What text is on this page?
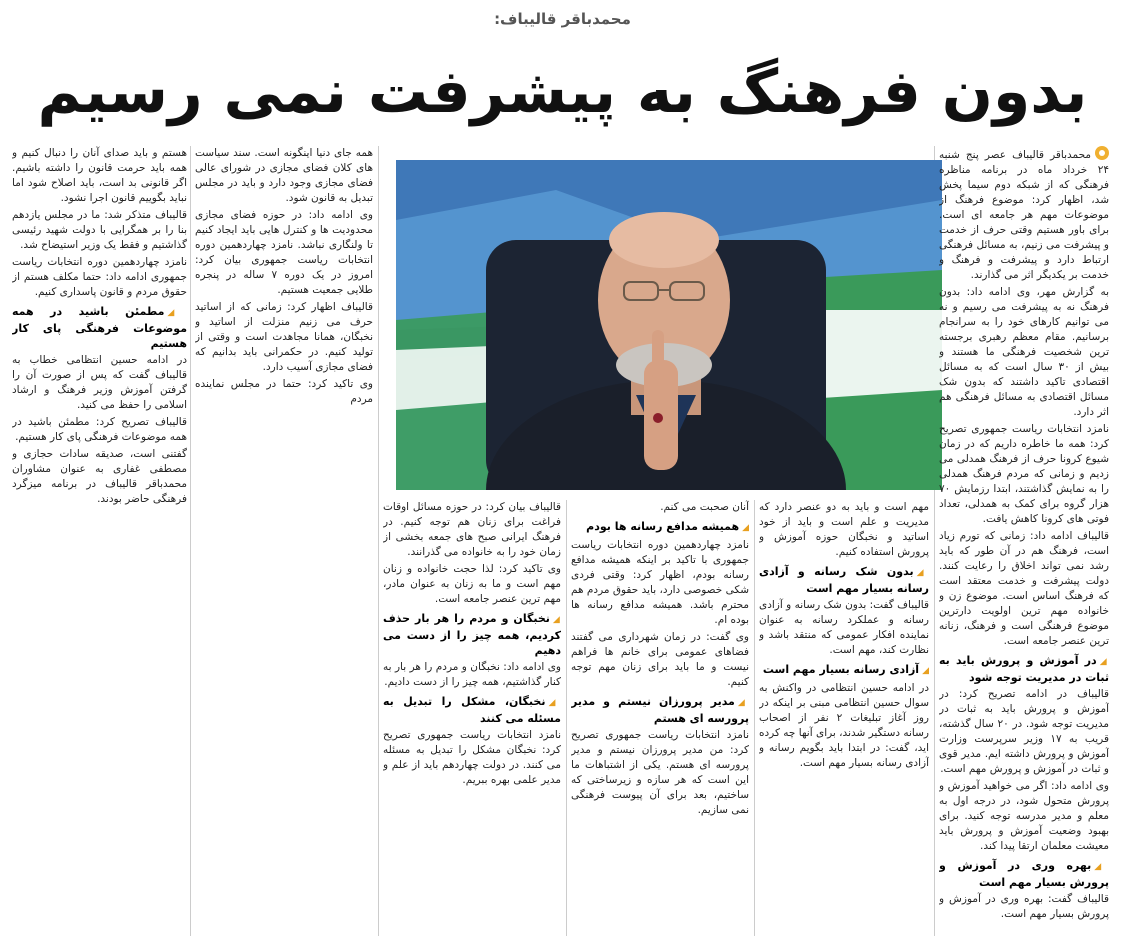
محمدباقر قالیباف:
بدون فرهنگ به پیشرفت نمی رسیم

محمدباقر قالیباف عصر پنج شنبه ۲۴ خرداد ماه در برنامه مناظره فرهنگی که از شبکه دوم سیما پخش شد، اظهار کرد: موضوع فرهنگ از موضوعات مهم هر جامعه ای است. برای باور هستیم وقتی حرف از خدمت و پیشرفت می زنیم، به مسائل فرهنگی ارتباط دارد و پیشرفت و فرهنگ و خدمت بر یکدیگر اثر می گذارند.

به گزارش مهر، وی ادامه داد: بدون فرهنگ نه به پیشرفت می رسیم و نه می توانیم کارهای خود را به سرانجام برسانیم. مقام معظم رهبری برجسته ترین شخصیت فرهنگی ما هستند و بیش از ۳۰ سال است که به مسائل اقتصادی تاکید داشتند که بدون شک مسائل اقتصادی به مسائل فرهنگی هم اثر دارد.

نامزد انتخابات ریاست جمهوری تصریح کرد: همه ما خاطره داریم که در زمان شیوع کرونا حرف از فرهنگ همدلی می زدیم و زمانی که مردم فرهنگ همدلی را به نمایش گذاشتند، ابتدا رزمایش ۷۰ هزار گروه برای کمک به همدلی، تعداد فوتی های کرونا کاهش یافت.

قالیباف ادامه داد: زمانی که تورم زیاد است، فرهنگ هم در آن طور که باید رشد نمی تواند اخلاق را رعایت کنند. دولت پیشرفت و خدمت معتقد است که فرهنگ اساس است. موضوع زن و خانواده مهم ترین اولویت دارترین موضوع فرهنگی است و فرهنگ، زنانه ترین عنصر جامعه است.

◢ در آموزش و پرورش باید به ثبات در مدیریت توجه شود

قالیباف در ادامه تصریح کرد: در آموزش و پرورش باید به ثبات در مدیریت توجه شود. در ۲۰ سال گذشته، قریب به ۱۷ وزیر سرپرست وزارت آموزش و پرورش داشته ایم. مدیر قوی و ثبات در آموزش و پرورش مهم است.

وی ادامه داد: اگر می خواهید آموزش و پرورش متحول شود، در درجه اول به معلم و مدیر مدرسه توجه کنید. برای بهبود وضعیت آموزش و پرورش باید معیشت معلمان ارتقا پیدا کند.

◢ بهره وری در آموزش و پرورش بسیار مهم است

قالیباف گفت: بهره وری در آموزش و پرورش بسیار مهم است.

مهم است و باید به دو عنصر دارد که مدیریت و علم است و باید از خود اساتید و نخبگان حوزه آموزش و پرورش استفاده کنیم.

◢ بدون شک رسانه و آزادی رسانه بسیار مهم است

قالیباف گفت: بدون شک رسانه و آزادی رسانه و عملکرد رسانه به عنوان نماینده افکار عمومی که منتقد باشد و نظارت کند، مهم است.

◢ آزادی رسانه بسیار مهم است

در ادامه حسین انتظامی در واکنش به سوال حسین انتظامی مبنی بر اینکه در روز آغاز تبلیغات ۲ نفر از اصحاب رسانه دستگیر شدند، برای آنها چه کرده اید، گفت: در ابتدا باید بگویم رسانه و آزادی رسانه بسیار مهم است.

آنان صحبت می کنم.

◢ همیشه مدافع رسانه ها بودم

نامزد چهاردهمین دوره انتخابات ریاست جمهوری با تاکید بر اینکه همیشه مدافع رسانه بودم، اظهار کرد: وقتی فردی شکی خصوصی دارد، باید حقوق مردم هم محترم باشد. همیشه مدافع رسانه ها بوده ام.

وی گفت: در زمان شهرداری می گفتند فضاهای عمومی برای خانم ها فراهم نیست و ما باید برای زنان مهم توجه کنیم.

◢ مدیر پرورزان نیستم و مدیر پرورسه ای هستم

نامزد انتخابات ریاست جمهوری تصریح کرد: من مدیر پرورزان نیستم و مدیر پرورسه ای هستم. یکی از اشتباهات ما این است که هر سازه و زیرساختی که ساختیم، بعد برای آن پیوست فرهنگی نمی سازیم.

قالیباف بیان کرد: در حوزه مسائل اوقات فراغت برای زنان هم توجه کنیم. در فرهنگ ایرانی صبح های جمعه بخشی از زمان خود را به خانواده می گذرانند.

وی تاکید کرد: لذا حجت خانواده و زنان مهم است و ما به زنان به عنوان مادر، مهم ترین عنصر جامعه است.

◢ نخبگان و مردم را هر بار حذف کردیم، همه چیز را از دست می دهیم

وی ادامه داد: نخبگان و مردم را هر بار به کنار گذاشتیم، همه چیز را از دست دادیم.

◢ نخبگان، مشکل را تبدیل به مسئله می کنند

نامزد انتخابات ریاست جمهوری تصریح کرد: نخبگان مشکل را تبدیل به مسئله می کنند. در دولت چهاردهم باید از علم و مدیر علمی بهره ببریم.

همه جای دنیا اینگونه است. سند سیاست های کلان فضای مجازی در شورای عالی فضای مجازی وجود دارد و باید در مجلس تبدیل به قانون شود.

وی ادامه داد: در حوزه فضای مجازی محدودیت ها و کنترل هایی باید ایجاد کنیم تا ولنگاری نباشد. نامزد چهاردهمین دوره انتخابات ریاست جمهوری بیان کرد: امروز در یک دوره ۷ ساله در پنجره طلایی جمعیت هستیم.

قالیباف اظهار کرد: زمانی که از اساتید حرف می زنیم منزلت از اساتید و نخبگان، همانا مجاهدت است و وقتی از تولید کنیم. در حکمرانی باید بدانیم که فضای مجازی آسیب دارد.

وی تاکید کرد: حتما در مجلس نماینده مردم

هستم و باید صدای آنان را دنبال کنیم و همه باید حرمت قانون را داشته باشیم. اگر قانونی بد است، باید اصلاح شود اما نباید بگوییم قانون اجرا نشود.

قالیباف متذکر شد: ما در مجلس یازدهم بنا را بر همگرایی با دولت شهید رئیسی گذاشتیم و فقط یک وزیر استیضاح شد.

نامزد چهاردهمین دوره انتخابات ریاست جمهوری ادامه داد: حتما مکلف هستم از حقوق مردم و قانون پاسداری کنیم.

◢ مطمئن باشید در همه موضوعات فرهنگی پای کار هستیم

در ادامه حسین انتظامی خطاب به قالیباف گفت که پس از صورت آن را گرفتن آموزش وزیر فرهنگ و ارشاد اسلامی را حفظ می کنید.

قالیباف تصریح کرد: مطمئن باشید در همه موضوعات فرهنگی پای کار هستیم.

گفتنی است، صدیقه سادات حجازی و مصطفی غفاری به عنوان مشاوران محمدباقر قالیباف در برنامه میزگرد فرهنگی حاضر بودند.
